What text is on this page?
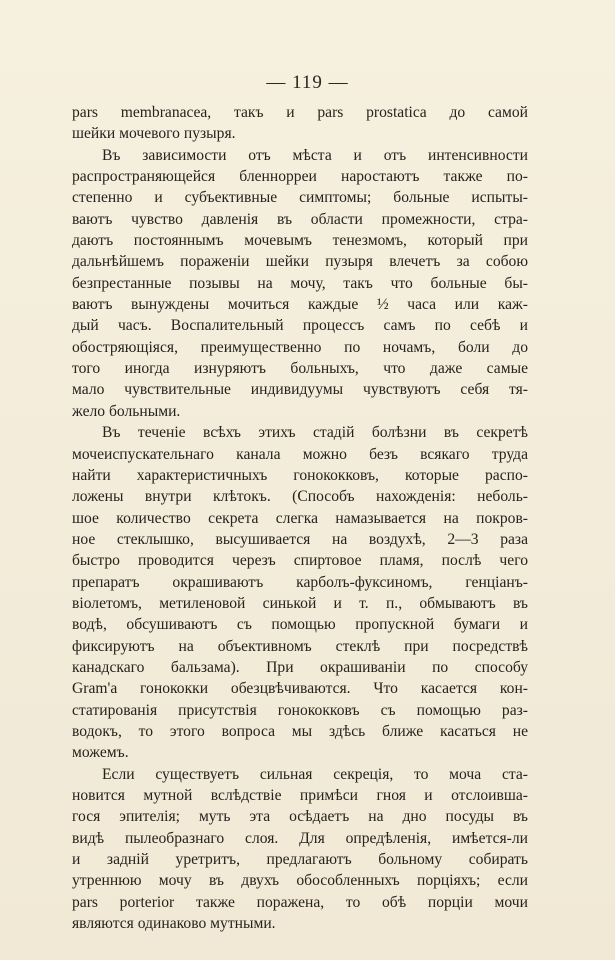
— 119 —
pars membranacea, такъ и pars prostatica до самой
шейки мочевого пузыря.
Въ зависимости отъ мѣста и отъ интенсивности
распространяющейся бленнорреи наростаютъ также по-
степенно и субъективные симптомы; больные испыты-
ваютъ чувство давленія въ области промежности, стра-
даютъ постояннымъ мочевымъ тенезмомъ, который при
дальнѣйшемъ пораженіи шейки пузыря влечетъ за собою
безпрестанные позывы на мочу, такъ что больные бы-
ваютъ вынуждены мочиться каждые ½ часа или каж-
дый часъ. Воспалительный процессъ самъ по себѣ и
обостряющіяся, преимущественно по ночамъ, боли до
того иногда изнуряютъ больныхъ, что даже самые
мало чувствительные индивидуумы чувствуютъ себя тя-
жело больными.
Въ теченіе всѣхъ этихъ стадій болѣзни въ секретѣ
мочеиспускательнаго канала можно безъ всякаго труда
найти характеристичныхъ гонококковъ, которые распо-
ложены внутри клѣтокъ. (Способъ нахожденія: неболь-
шое количество секрета слегка намазывается на покров-
ное стеклышко, высушивается на воздухѣ, 2—3 раза
быстро проводится черезъ спиртовое пламя, послѣ чего
препаратъ окрашиваютъ карболъ-фуксиномъ, генціанъ-
віолетомъ, метиленовой синькой и т. п., обмываютъ въ
водѣ, обсушиваютъ съ помощью пропускной бумаги и
фиксируютъ на объективномъ стеклѣ при посредствѣ
канадскаго бальзама). При окрашиваніи по способу
Gram'а гонококки обезцвѣчиваются. Что касается кон-
статированія присутствія гонококковъ съ помощью раз-
водокъ, то этого вопроса мы здѣсь ближе касаться не
можемъ.
Если существуетъ сильная секреція, то моча ста-
новится мутной вслѣдствіе примѣси гноя и отслоивша-
гося эпителія; муть эта осѣдаетъ на дно посуды въ
видѣ пылеобразнаго слоя. Для опредѣленія, имѣется-ли
и задній уретритъ, предлагаютъ больному собирать
утреннюю мочу въ двухъ обособленныхъ порціяхъ; если
pars porterior также поражена, то обѣ порціи мочи
являются одинаково мутными.
